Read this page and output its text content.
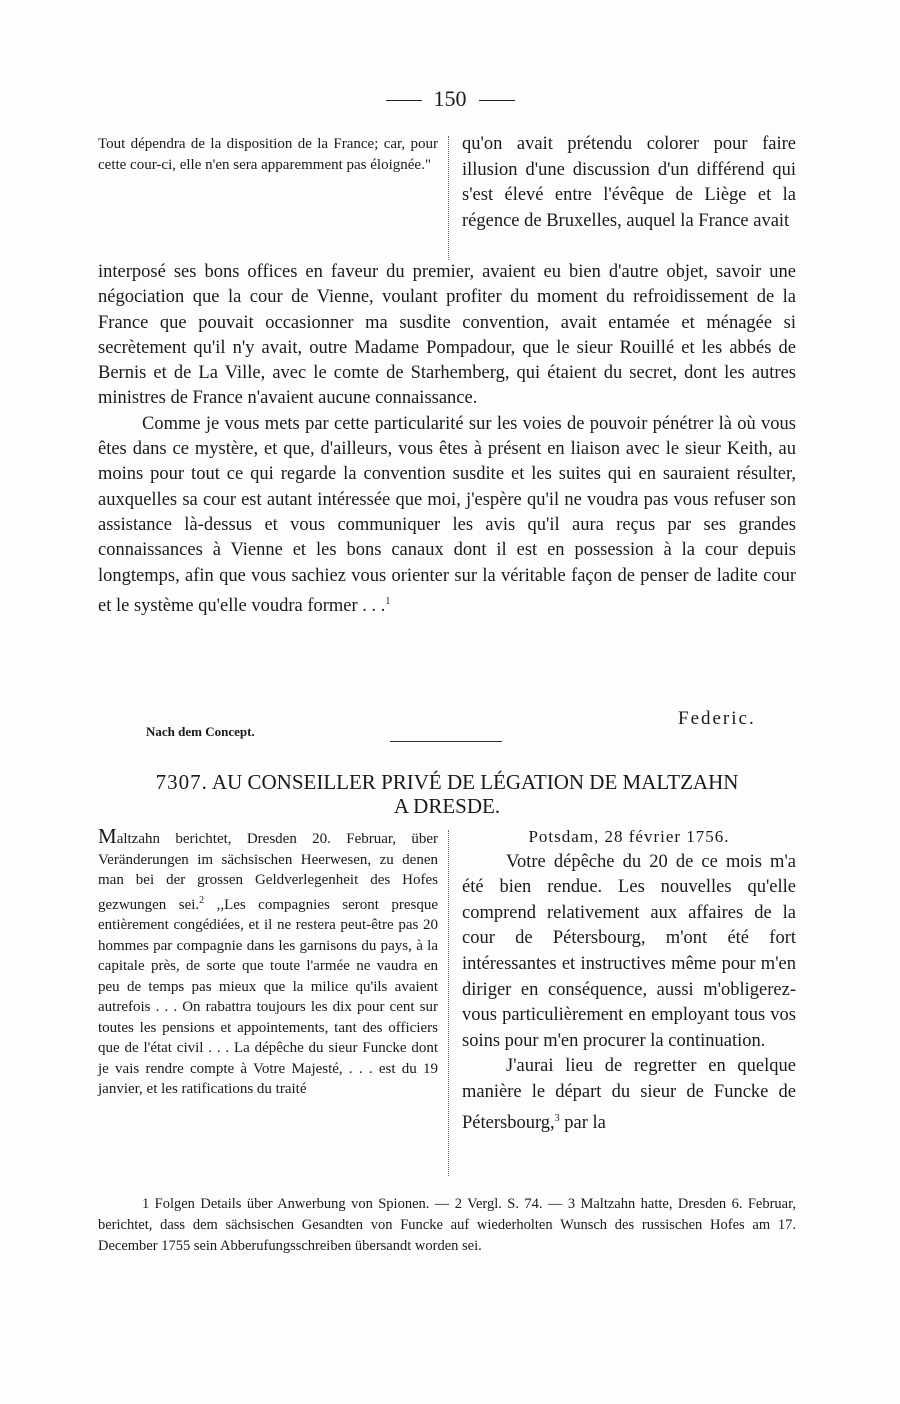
150
Tout dépendra de la disposition de la France; car, pour cette cour-ci, elle n'en sera apparemment pas éloignée."
qu'on avait prétendu colorer pour faire illusion d'une discussion d'un différend qui s'est élevé entre l'évêque de Liège et la régence de Bruxelles, auquel la France avait

interposé ses bons offices en faveur du premier, avaient eu bien d'autre objet, savoir une négociation que la cour de Vienne, voulant profiter du moment du refroidissement de la France que pouvait occasionner ma susdite convention, avait entamée et ménagée si secrètement qu'il n'y avait, outre Madame Pompadour, que le sieur Rouillé et les abbés de Bernis et de La Ville, avec le comte de Starhemberg, qui étaient du secret, dont les autres ministres de France n'avaient aucune connaissance.

Comme je vous mets par cette particularité sur les voies de pouvoir pénétrer là où vous êtes dans ce mystère, et que, d'ailleurs, vous êtes à présent en liaison avec le sieur Keith, au moins pour tout ce qui regarde la convention susdite et les suites qui en sauraient résulter, auxquelles sa cour est autant intéressée que moi, j'espère qu'il ne voudra pas vous refuser son assistance là-dessus et vous communiquer les avis qu'il aura reçus par ses grandes connaissances à Vienne et les bons canaux dont il est en possession à la cour depuis longtemps, afin que vous sachiez vous orienter sur la véritable façon de penser de ladite cour et le système qu'elle voudra former . . .$^1$

Federic.
Nach dem Concept.
7307. AU CONSEILLER PRIVÉ DE LÉGATION DE MALTZAHN
A DRESDE.
Maltzahn berichtet, Dresden 20. Februar, über Veränderungen im sächsischen Heerwesen, zu denen man bei der grossen Geldverlegenheit des Hofes gezwungen sei.$^2$ ,,Les compagnies seront presque entièrement congédiées, et il ne restera peut-être pas 20 hommes par compagnie dans les garnisons du pays, à la capitale près, de sorte que toute l'armée ne vaudra en peu de temps pas mieux que la milice qu'ils avaient autrefois . . . On rabattra toujours les dix pour cent sur toutes les pensions et appointements, tant des officiers que de l'état civil . . . La dépêche du sieur Funcke dont je vais rendre compte à Votre Majesté, . . . est du 19 janvier, et les ratifications du traité
Potsdam, 28 février 1756.
Votre dépêche du 20 de ce mois m'a été bien rendue. Les nouvelles qu'elle comprend relativement aux affaires de la cour de Pétersbourg, m'ont été fort intéressantes et instructives même pour m'en diriger en conséquence, aussi m'obligerez-vous particulièrement en employant tous vos soins pour m'en procurer la continuation.
J'aurai lieu de regretter en quelque manière le départ du sieur de Funcke de Pétersbourg,$^3$ par la

1 Folgen Details über Anwerbung von Spionen. — 2 Vergl. S. 74. — 3 Maltzahn hatte, Dresden 6. Februar, berichtet, dass dem sächsischen Gesandten von Funcke auf wiederholten Wunsch des russischen Hofes am 17. December 1755 sein Abberufungsschreiben übersandt worden sei.
